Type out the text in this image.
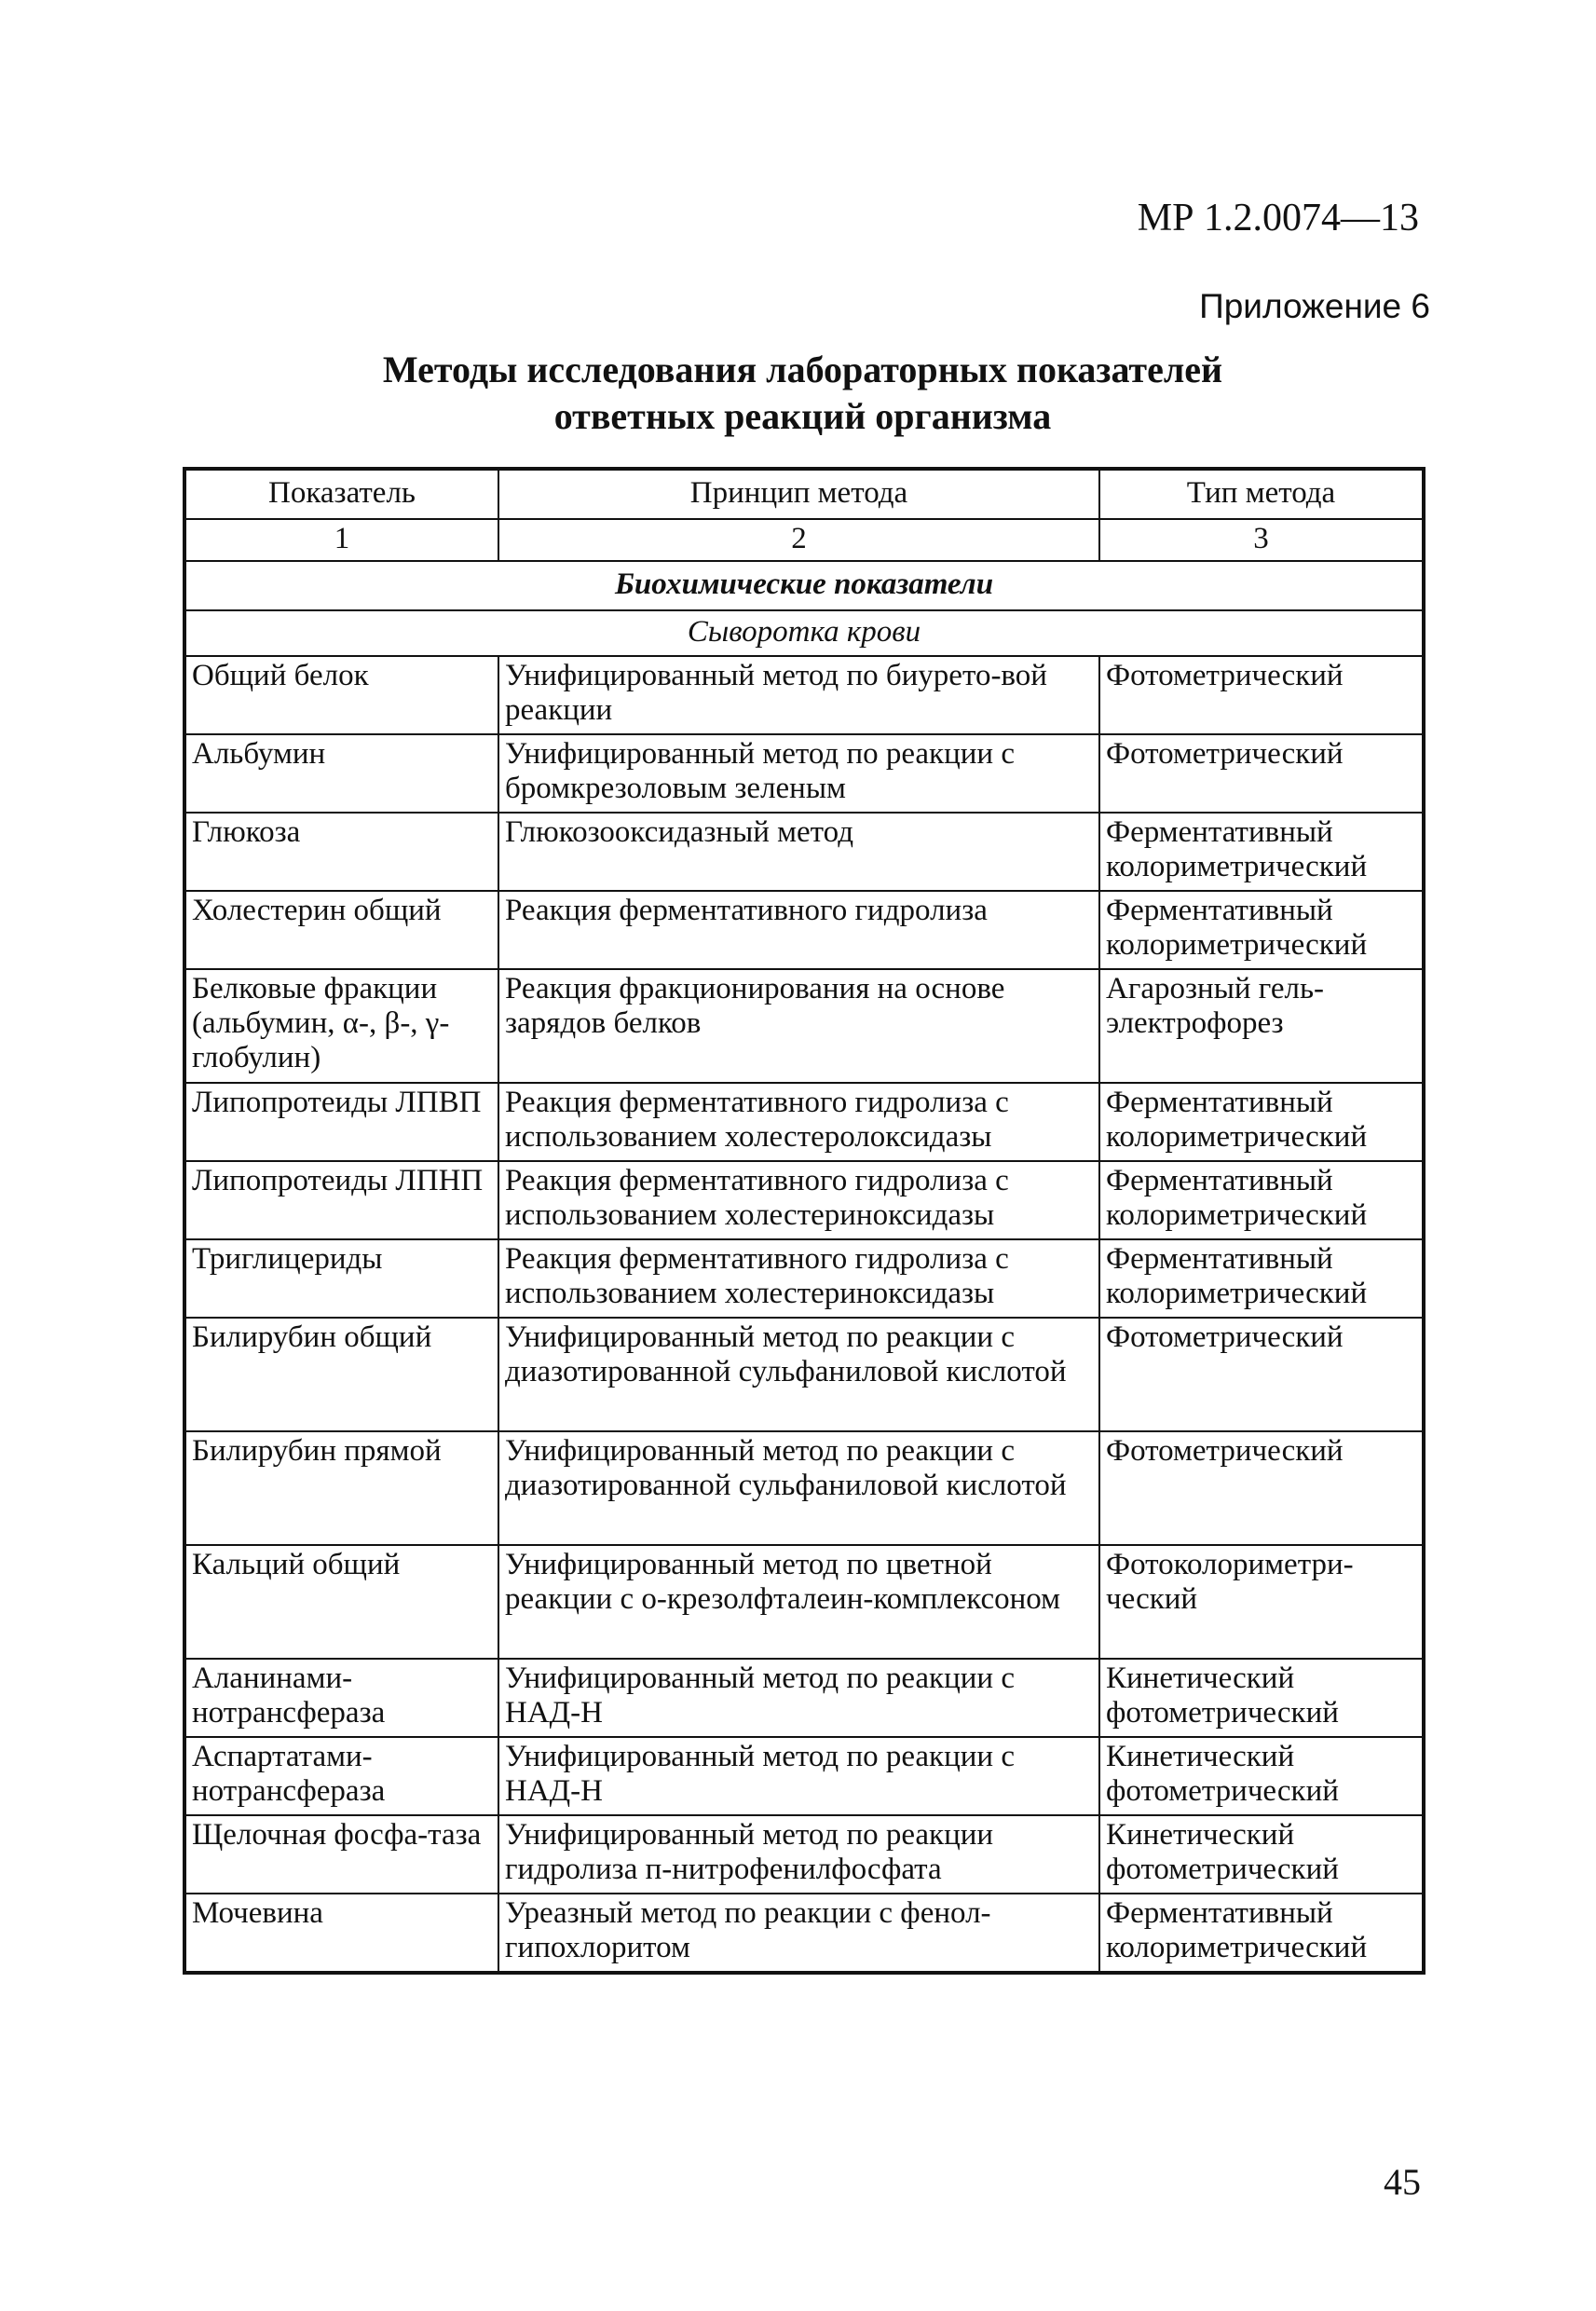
МР 1.2.0074—13
Приложение 6
Методы исследования лабораторных показателей
ответных реакций организма
Показатель	Принцип метода	Тип метода
1	2	3
Биохимические показатели		
Сыворотка крови		
Общий белок	Унифицированный метод по биурето-вой реакции	Фотометрический
Альбумин	Унифицированный метод по реакции с бромкрезоловым зеленым	Фотометрический
Глюкоза	Глюкозооксидазный метод	Ферментативный колориметрический
Холестерин общий	Реакция ферментативного гидролиза	Ферментативный колориметрический
Белковые фракции (альбумин, α-, β-, γ-глобулин)	Реакция фракционирования на основе зарядов белков	Агарозный гель-электрофорез
Липопротеиды ЛПВП	Реакция ферментативного гидролиза с использованием холестеролоксидазы	Ферментативный колориметрический
Липопротеиды ЛПНП	Реакция ферментативного гидролиза с использованием холестериноксидазы	Ферментативный колориметрический
Триглицериды	Реакция ферментативного гидролиза с использованием холестериноксидазы	Ферментативный колориметрический
Билирубин общий	Унифицированный метод по реакции с диазотированной сульфаниловой кислотой	Фотометрический
Билирубин прямой	Унифицированный метод по реакции с диазотированной сульфаниловой кислотой	Фотометрический
Кальций общий	Унифицированный метод по цветной реакции с о-крезолфталеин-комплексоном	Фотоколориметри-ческий
Аланинами-нотрансфераза	Унифицированный метод по реакции с НАД-Н	Кинетический фотометрический
Аспартатами-нотрансфераза	Унифицированный метод по реакции с НАД-Н	Кинетический фотометрический
Щелочная фосфа-таза	Унифицированный метод по реакции гидролиза п-нитрофенилфосфата	Кинетический фотометрический
Мочевина	Уреазный метод по реакции с фенол-гипохлоритом	Ферментативный колориметрический
45
